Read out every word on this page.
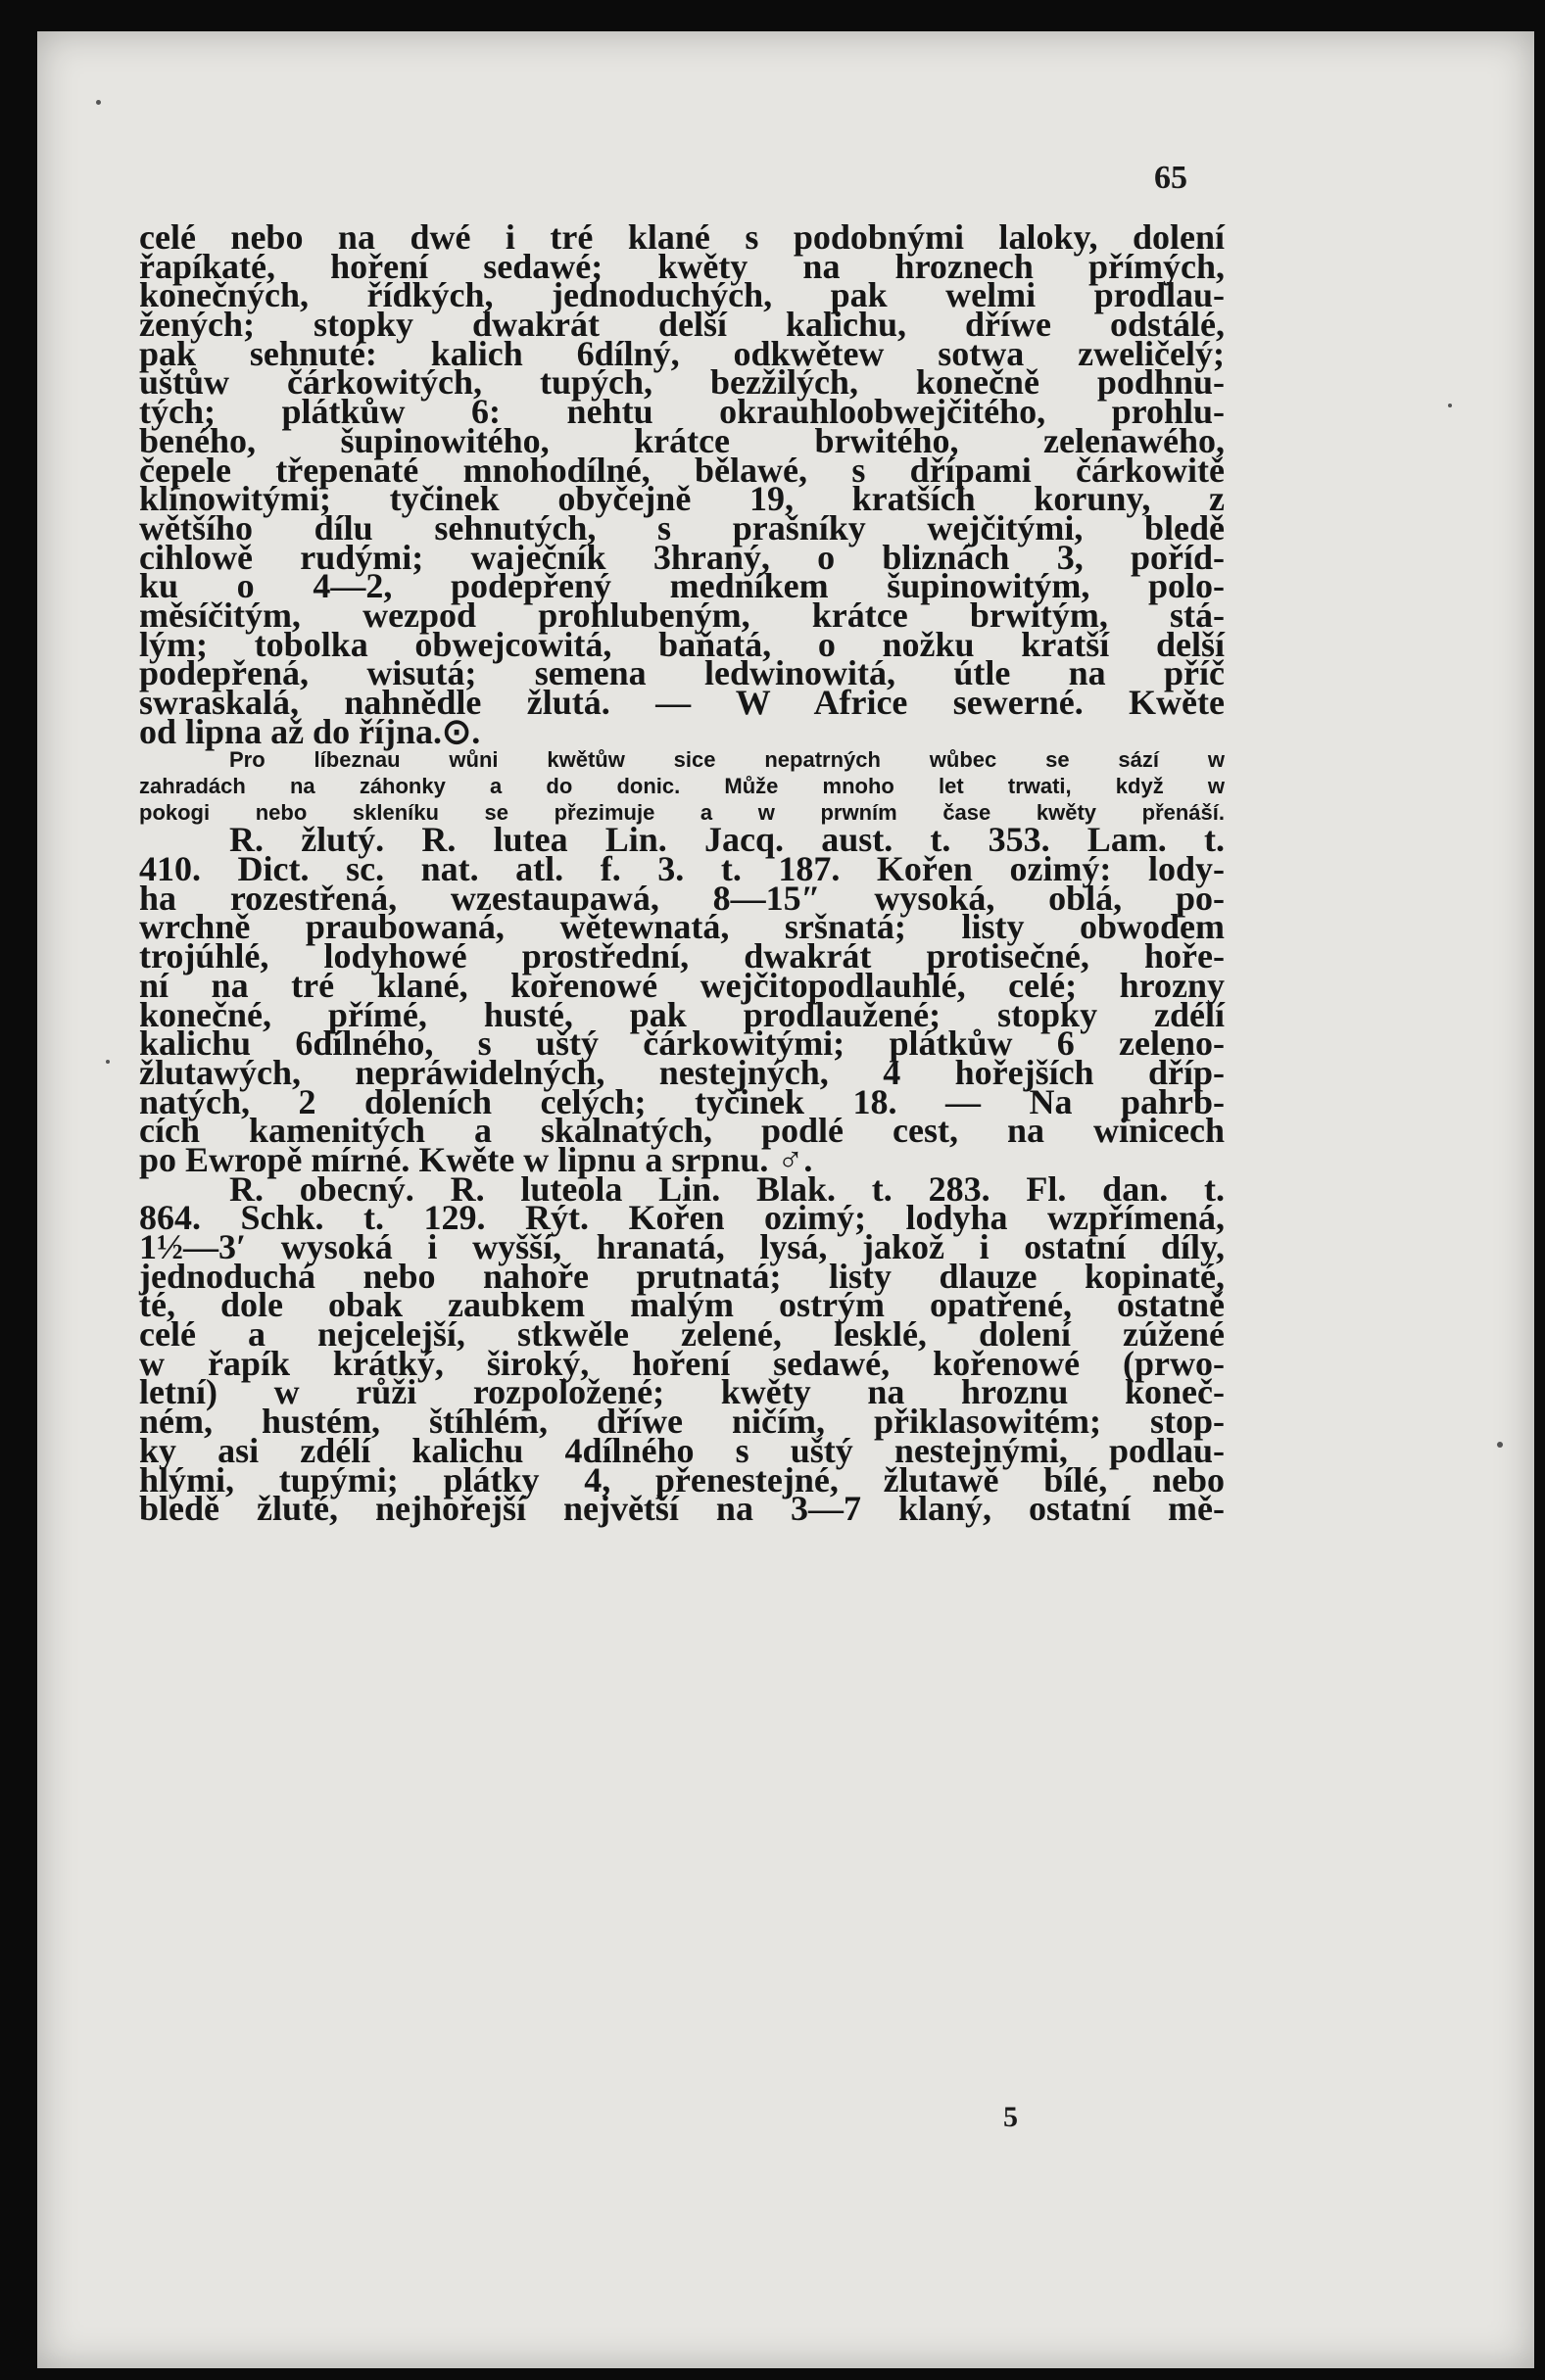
65
celé nebo na dwé i tré klané s podobnými laloky, dolení
řapíkaté, hoření sedawé; kwěty na hroznech přímých,
konečných, řídkých, jednoduchých, pak welmi prodlau-
žených; stopky dwakrát delší kalichu, dříwe odstálé,
pak sehnuté: kalich 6dílný, odkwětew sotwa zweličelý;
uštůw čárkowitých, tupých, bezžilých, konečně podhnu-
tých; plátkůw 6: nehtu okrauhloobwejčitého, prohlu-
beného, šupinowitého, krátce brwitého, zelenawého,
čepele třepenaté mnohodílné, bělawé, s dřípami čárkowitě
klínowitými; tyčinek obyčejně 19, kratších koruny, z
wětšího dílu sehnutých, s prašníky wejčitými, bledě
cihlowě rudými; waječník 3hraný, o bliznách 3, poříd-
ku o 4—2, podepřený medníkem šupinowitým, polo-
měsíčitým, wezpod prohlubeným, krátce brwitým, stá-
lým; tobolka obwejcowitá, baňatá, o nožku kratší delší
podepřená, wisutá; semena ledwinowitá, útle na příč
swraskalá, nahnědle žlutá. — W Africe sewerné. Kwěte
od lipna až do října.⊙.
Pro líbeznau wůni kwětůw sice nepatrných wůbec se sází w
zahradách na záhonky a do donic. Může mnoho let trwati, když w
pokogi nebo skleníku se přezimuje a w prwním čase kwěty přenáší.
R. žlutý. R. lutea Lin. Jacq. aust. t. 353. Lam. t.
410. Dict. sc. nat. atl. f. 3. t. 187. Kořen ozimý: lody-
ha rozestřená, wzestaupawá, 8—15″ wysoká, oblá, po-
wrchně praubowaná, wětewnatá, sršnatá; listy obwodem
trojúhlé, lodyhowé prostřední, dwakrát protisečné, hoře-
ní na tré klané, kořenowé wejčitopodlauhlé, celé; hrozny
konečné, přímé, husté, pak prodlaužené; stopky zdélí
kalichu 6dílného, s uštý čárkowitými; plátkůw 6 zeleno-
žlutawých, nepráwidelných, nestejných, 4 hořejších dříp-
natých, 2 doleních celých; tyčinek 18. — Na pahrb-
cích kamenitých a skalnatých, podlé cest, na winicech
po Ewropě mírné. Kwěte w lipnu a srpnu. ♂.
R. obecný. R. luteola Lin. Blak. t. 283. Fl. dan. t.
864. Schk. t. 129. Rýt. Kořen ozimý; lodyha wzpřímená,
1½—3′ wysoká i wyšší, hranatá, lysá, jakož i ostatní díly,
jednoduchá nebo nahoře prutnatá; listy dlauze kopinaté,
té, dole obak zaubkem malým ostrým opatřené, ostatně
celé a nejcelejší, stkwěle zelené, lesklé, dolení zúžené
w řapík krátký, široký, hoření sedawé, kořenowé (prwo-
letní) w růži rozpoložené; kwěty na hroznu koneč-
ném, hustém, štíhlém, dříwe ničím, přiklasowitém; stop-
ky asi zdélí kalichu 4dílného s uštý nestejnými, podlau-
hlými, tupými; plátky 4, přenestejné, žlutawě bílé, nebo
bledě žluté, nejhořejší největší na 3—7 klaný, ostatní mě-
5
